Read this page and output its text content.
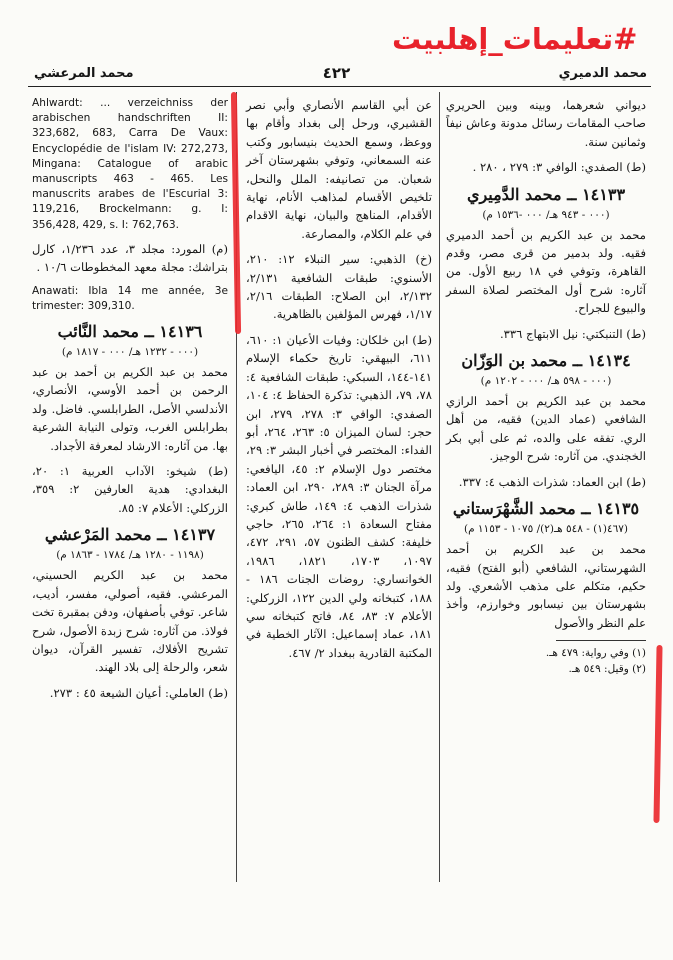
#تعليمات_إهلبيت
محمد المرعشي	٤٢٢	محمد الدميري
ديواني شعرهما، وبينه وبين الحريري صاحب المقامات رسائل مدونة وعاش نيفاً وثمانين سنة.
(ط) الصفدي: الوافي ٣: ٢٧٩ ، ٢٨٠ .
١٤١٣٣ ــ محمد الدَّمِيري
(٠٠٠ - ٩٤٣ هـ/ ٠٠٠ -١٥٣٦ م)
محمد بن عبد الكريم بن أحمد الدميري فقيه. ولد بدمير من قرى مصر، وقدم القاهرة، وتوفي في ١٨ ربيع الأول. من آثاره: شرح أول المختصر لصلاة السفر والبيوع للجراح.
(ط) التنبكتي: نيل الابتهاج ٣٣٦.
١٤١٣٤ ــ محمد بن الوَزّان
(٠٠٠ - ٥٩٨ هـ/ ٠٠٠ - ١٢٠٢ م)
محمد بن عبد الكريم بن أحمد الرازي الشافعي (عماد الدين) فقيه، من أهل الري. تفقه على والده، ثم على أبي بكر الخجندي. من آثاره: شرح الوجيز.
(ط) ابن العماد: شذرات الذهب ٤: ٣٣٧.
١٤١٣٥ ــ محمد الشَّهْرَستاني
(٤٦٧(١) - ٥٤٨ هـ(٢)/ ١٠٧٥ - ١١٥٣ م)
محمد بن عبد الكريم بن أحمد الشهرستاني، الشافعي (أبو الفتح) فقيه، حكيم، متكلم على مذهب الأشعري. ولد بشهرستان بين نيسابور وخوارزم، وأخذ علم النظر والأصول
(١) وفي رواية: ٤٧٩ هـ.
(٢) وقيل: ٥٤٩ هـ.
عن أبي القاسم الأنصاري وأبي نصر القشيري، ورحل إلى بغداد وأقام بها ووعظ، وسمع الحديث بنيسابور وكتب عنه السمعاني، وتوفي بشهرستان آخر شعبان. من تصانيفه: الملل والنحل، تلخيص الأقسام لمذاهب الأنام، نهاية الأقدام، المناهج والبيان، نهاية الاقدام في علم الكلام، والمصارعة.
(خ) الذهبي: سير النبلاء ١٢: ٢١٠، الأسنوي: طبقات الشافعية ٢/١٣١، ٢/١٣٢، ابن الصلاح: الطبقات ٢/١٦، ١/١٧، فهرس المؤلفين بالظاهرية.
(ط) ابن خلكان: وفيات الأعيان ١: ٦١٠، ٦١١، البيهقي: تاريخ حكماء الإسلام ١٤١-١٤٤، السبكي: طبقات الشافعية ٤: ٧٨، ٧٩، الذهبي: تذكرة الحفاظ ٤: ١٠٤، الصفدي: الوافي ٣: ٢٧٨، ٢٧٩، ابن حجر: لسان الميزان ٥: ٢٦٣، ٢٦٤، أبو الفداء: المختصر في أخبار البشر ٣: ٢٩، مختصر دول الإسلام ٢: ٤٥، اليافعي: مرآة الجنان ٣: ٢٨٩، ٢٩٠، ابن العماد: شذرات الذهب ٤: ١٤٩، طاش كبري: مفتاح السعادة ١: ٢٦٤، ٢٦٥، حاجي خليفة: كشف الظنون ٥٧، ٢٩١، ٤٧٢، ١٠٩٧، ١٧٠٣، ١٨٢١، ١٩٨٦، الخوانساري: روضات الجنات ١٨٦ - ١٨٨، كتبخانه ولي الدين ١٢٢، الزركلي: الأعلام ٧: ٨٣، ٨٤، فاتح كتبخانه سي ١٨١، عماد إسماعيل: الآثار الخطية في المكتبة القادرية ببغداد ٢/ ٤٦٧.
Ahlwardt: ... verzeichniss der arabischen handschriften II: 323,682, 683, Carra De Vaux: Encyclopédie de l'islam IV: 272,273, Mingana: Catalogue of arabic manuscripts 463 - 465. Les manuscrits arabes de l'Escurial 3: 119,216, Brockelmann: g. I: 356,428, 429, s. I: 762,763.
(م) المورد: مجلد ٣، عدد ١/٢٣٦، كارل بتراشك: مجلة معهد المخطوطات ١٠/٦ .
Anawati: Ibla 14 me année, 3e trimester: 309,310.
١٤١٣٦ ــ محمد النَّائب
(٠٠٠ - ١٢٣٢ هـ/ ٠٠٠ - ١٨١٧ م)
محمد بن عبد الكريم بن أحمد بن عبد الرحمن بن أحمد الأوسي، الأنصاري، الأندلسي الأصل، الطرابلسي. فاضل. ولد بطرابلس الغرب، وتولى النيابة الشرعية بها. من آثاره: الارشاد لمعرفة الأجداد.
(ط) شيخو: الآداب العربية ١: ٢٠، البغدادي: هدية العارفين ٢: ٣٥٩، الزركلي: الأعلام ٧: ٨٥.
١٤١٣٧ ــ محمد المَرْعشي
(١١٩٨ - ١٢٨٠ هـ/ ١٧٨٤ - ١٨٦٣ م)
محمد بن عبد الكريم الحسيني، المرعشي. فقيه، أصولي، مفسر، أديب، شاعر. توفي بأصفهان، ودفن بمقبرة تخت فولاذ. من آثاره: شرح زبدة الأصول، شرح تشريح الأفلاك، تفسير القرآن، ديوان شعر، والرحلة إلى بلاد الهند.
(ط) العاملي: أعيان الشيعة ٤٥ : ٢٧٣.
